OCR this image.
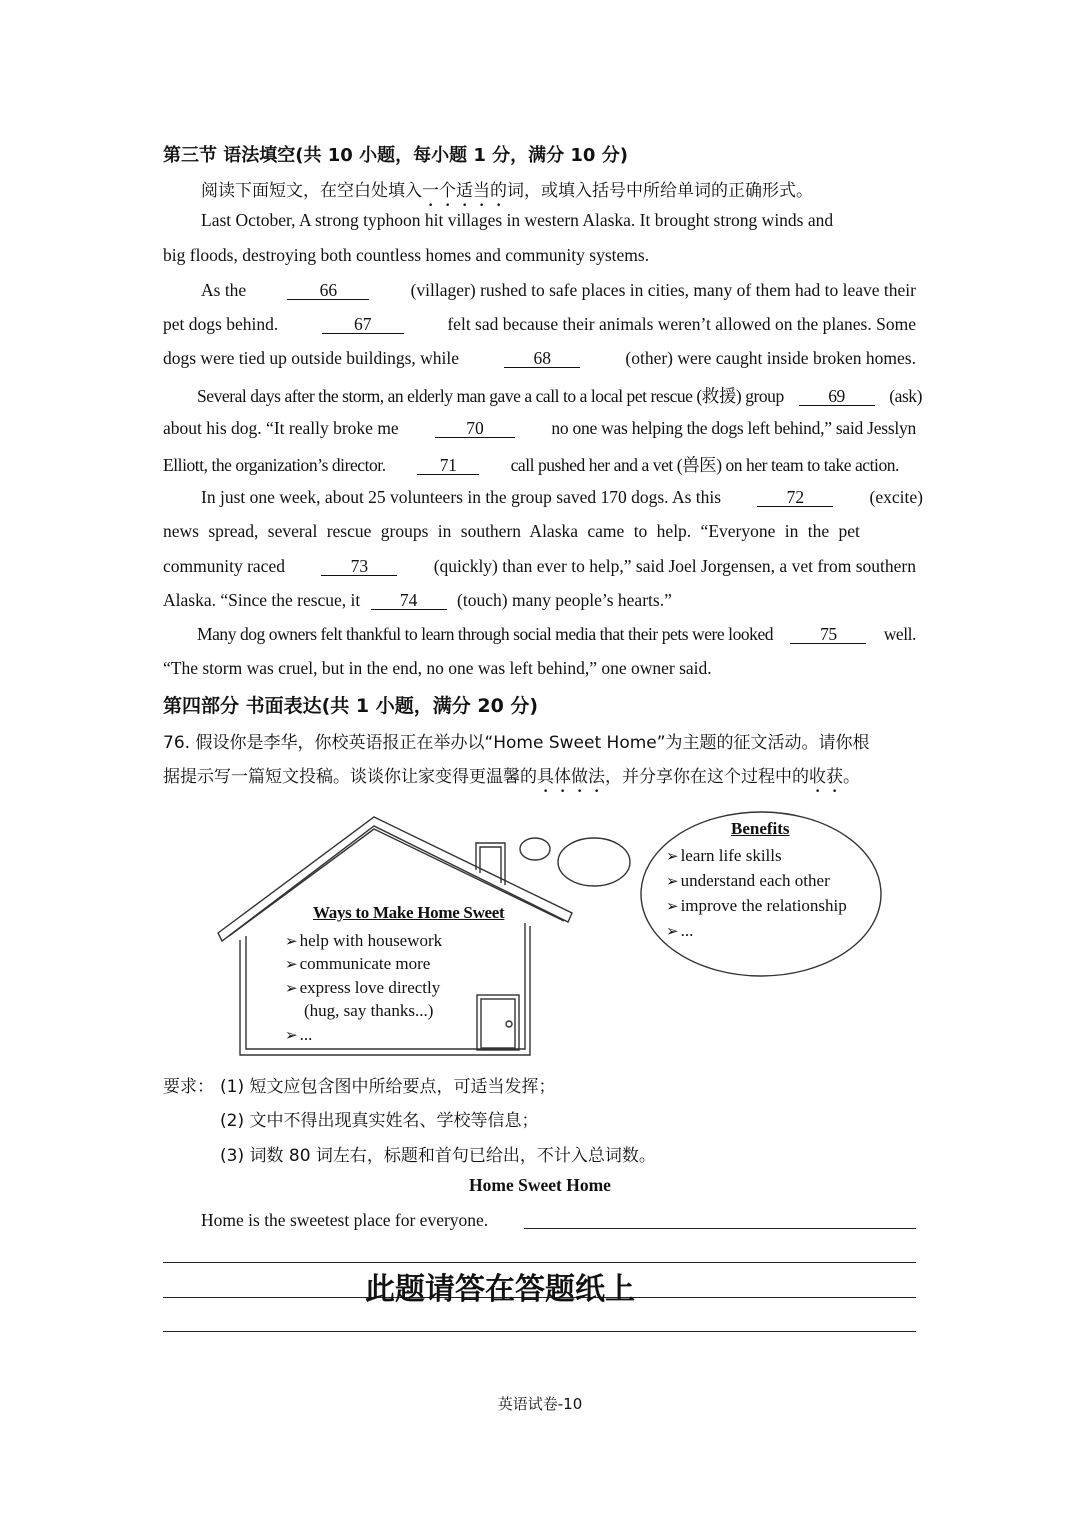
第三节 语法填空(共 10 小题，每小题 1 分，满分 10 分)
阅读下面短文，在空白处填入一个适当的词，或填入括号中所给单词的正确形式。
Last October, A strong typhoon hit villages in western Alaska. It brought strong winds and
big floods, destroying both countless homes and community systems.
As the	66	(villager) rushed to safe places in cities, many of them had to leave their
pet dogs behind.	67	felt sad because their animals weren’t allowed on the planes. Some
dogs were tied up outside buildings, while	68	(other) were caught inside broken homes.
Several days after the storm, an elderly man gave a call to a local pet rescue (救援) group	69	(ask)
about his dog. “It really broke me	70	no one was helping the dogs left behind,” said Jesslyn
Elliott, the organization’s director.	71	call pushed her and a vet (兽医) on her team to take action.
In just one week, about 25 volunteers in the group saved 170 dogs. As this	72	(excite)
news spread, several rescue groups in southern Alaska came to help. “Everyone in the pet
community raced	73	(quickly) than ever to help,” said Joel Jorgensen, a vet from southern
Alaska. “Since the rescue, it 74 (touch) many people’s hearts.”
Many dog owners felt thankful to learn through social media that their pets were looked	75	well.
“The storm was cruel, but in the end, no one was left behind,” one owner said.
第四部分 书面表达(共 1 小题，满分 20 分)
76. 假设你是李华，你校英语报正在举办以“Home Sweet Home”为主题的征文活动。请你根
据提示写一篇短文投稿。谈谈你让家变得更温馨的具体做法，并分享你在这个过程中的收获。
Ways to Make Home Sweet
➢ help with housework
➢ communicate more
➢ express love directly
(hug, say thanks...)
➢ ...
Benefits
➢ learn life skills
➢ understand each other
➢ improve the relationship
➢ ...
要求： (1) 短文应包含图中所给要点，可适当发挥；
(2) 文中不得出现真实姓名、学校等信息；
(3) 词数 80 词左右，标题和首句已给出，不计入总词数。
Home Sweet Home
Home is the sweetest place for everyone.
此题请答在答题纸上
英语试卷-10
